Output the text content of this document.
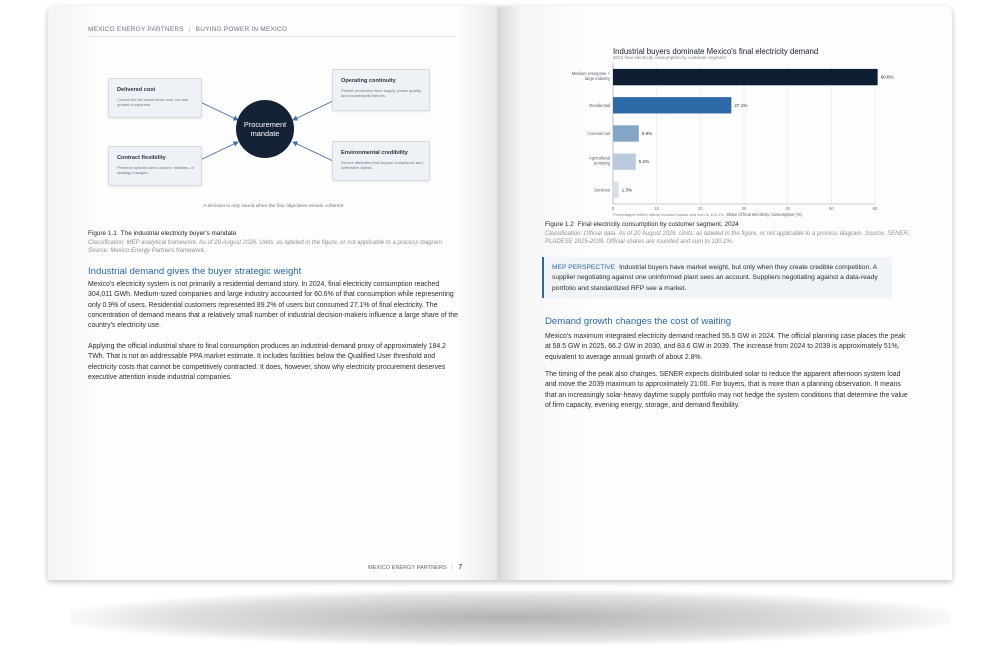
MEXICO ENERGY PARTNERS | BUYING POWER IN MEXICO
Delivered cost
Control the full owner-level cost, not one quoted component.
Operating continuity
Protect production from supply, power quality, and counterparty failures.
Contract flexibility
Preserve options when volume, facilities, or strategy changes.
Environmental credibility
Secure attributes that support compliance and defensible claims.
Procurement mandate
A decision is only sound when the four objectives remain coherent.
Figure 1.1 The industrial electricity buyer's mandate
Classification: MEP analytical framework. As of 20 August 2026. Units: as labeled in the figure, or not applicable to a process diagram. Source: Mexico Energy Partners framework.
Industrial demand gives the buyer strategic weight
Mexico's electricity system is not primarily a residential demand story. In 2024, final electricity consumption reached 304,011 GWh. Medium-sized companies and large industry accounted for 60.6% of that consumption while representing only 0.9% of users. Residential customers represented 89.2% of users but consumed 27.1% of final electricity. The concentration of demand means that a relatively small number of industrial decision-makers influence a large share of the country's electricity use.
Applying the official industrial share to final consumption produces an industrial-demand proxy of approximately 184.2 TWh. That is not an addressable PPA market estimate. It includes facilities below the Qualified User threshold and electricity costs that cannot be competitively contracted. It does, however, show why electricity procurement deserves executive attention inside industrial companies.
MEXICO ENERGY PARTNERS | 7
Industrial buyers dominate Mexico's final electricity demand
2024 final electricity consumption by customer segment
0	10	20	30	40	50	60
Medium enterprise + large industry	60.6%
Residential	27.1%
Commercial	5.9%
Agricultural pumping	5.2%
Services	1.3%
Percentages reflect official rounded values and sum to 100.1%. Share of final electricity consumption (%)
Figure 1.2 Final electricity consumption by customer segment, 2024
Classification: Official data. As of 20 August 2026. Units: as labeled in the figure, or not applicable to a process diagram. Source: SENER, PLADESE 2025-2039. Official shares are rounded and sum to 100.1%.
MEP PERSPECTIVE Industrial buyers have market weight, but only when they create credible competition. A supplier negotiating against one uninformed plant sees an account. Suppliers negotiating against a data-ready portfolio and standardized RFP see a market.
Demand growth changes the cost of waiting
Mexico's maximum integrated electricity demand reached 55.5 GW in 2024. The official planning case places the peak at 58.5 GW in 2025, 66.2 GW in 2030, and 83.6 GW in 2039. The increase from 2024 to 2039 is approximately 51%, equivalent to average annual growth of about 2.8%.
The timing of the peak also changes. SENER expects distributed solar to reduce the apparent afternoon system load and move the 2039 maximum to approximately 21:00. For buyers, that is more than a planning observation. It means that an increasingly solar-heavy daytime supply portfolio may not hedge the system conditions that determine the value of firm capacity, evening energy, storage, and demand flexibility.
